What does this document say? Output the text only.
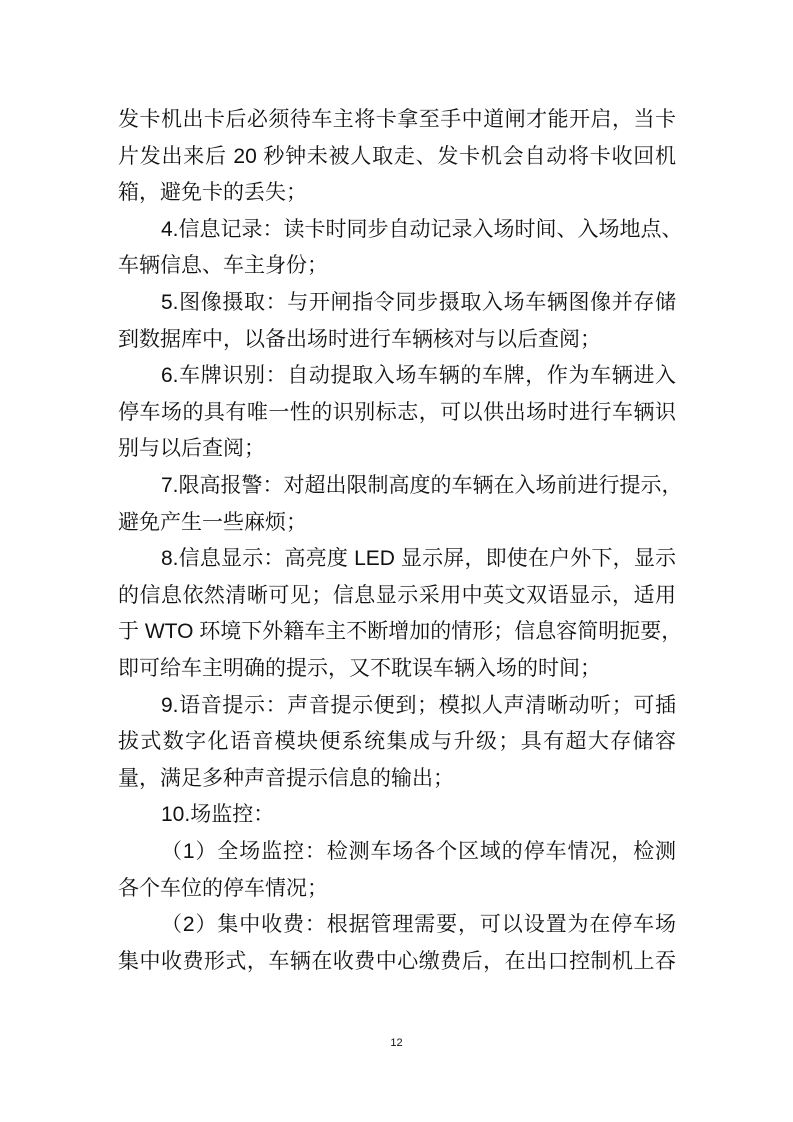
发卡机出卡后必须待车主将卡拿至手中道闸才能开启，当卡
片发出来后 20 秒钟未被人取走、发卡机会自动将卡收回机
箱，避免卡的丢失；
4.信息记录：读卡时同步自动记录入场时间、入场地点、
车辆信息、车主身份；
5.图像摄取：与开闸指令同步摄取入场车辆图像并存储
到数据库中，以备出场时进行车辆核对与以后查阅；
6.车牌识别：自动提取入场车辆的车牌，作为车辆进入
停车场的具有唯一性的识别标志，可以供出场时进行车辆识
别与以后查阅；
7.限高报警：对超出限制高度的车辆在入场前进行提示，
避免产生一些麻烦；
8.信息显示：高亮度 LED 显示屏，即使在户外下，显示
的信息依然清晰可见；信息显示采用中英文双语显示，适用
于 WTO 环境下外籍车主不断增加的情形；信息容简明扼要，
即可给车主明确的提示，又不耽误车辆入场的时间；
9.语音提示：声音提示便到；模拟人声清晰动听；可插
拔式数字化语音模块便系统集成与升级；具有超大存储容
量，满足多种声音提示信息的输出；
10.场监控：
（1）全场监控：检测车场各个区域的停车情况，检测
各个车位的停车情况；
（2）集中收费：根据管理需要，可以设置为在停车场
集中收费形式，车辆在收费中心缴费后，在出口控制机上吞
12
